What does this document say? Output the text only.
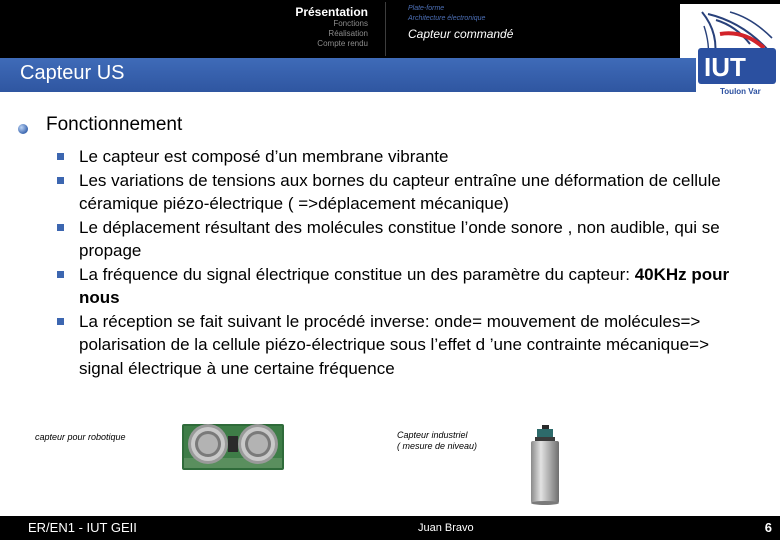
Présentation
Fonctions
Réalisation
Compte rendu
Plate-forme
Architecture électronique
Capteur commandé
IUT
Toulon Var
Capteur US
Fonctionnement
Le capteur est composé d’un membrane vibrante
Les variations de tensions aux bornes du capteur entraîne une déformation de cellule céramique piézo-électrique ( =>déplacement mécanique)
Le déplacement résultant des molécules constitue l’onde sonore , non audible, qui se propage
La fréquence du signal électrique constitue un des paramètre du capteur: 40KHz pour nous
La réception se fait suivant le procédé inverse: onde= mouvement de molécules=> polarisation de la cellule piézo-électrique sous l’effet d ’une contrainte mécanique=> signal électrique à une certaine fréquence
capteur pour robotique	Capteur industriel
( mesure de niveau)
ER/EN1 - IUT GEII	Juan Bravo	6
